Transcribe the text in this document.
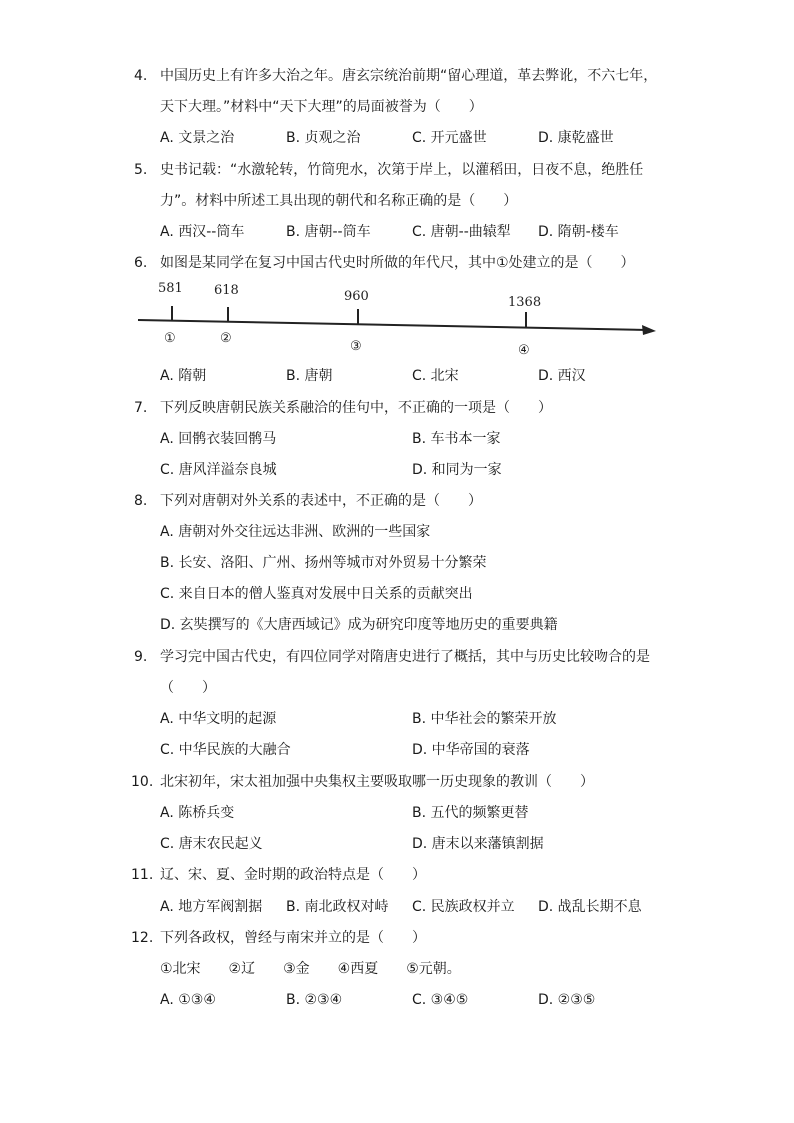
4. 中国历史上有许多大治之年。唐玄宗统治前期“留心理道，革去弊讹，不六七年，
天下大理。”材料中“天下大理”的局面被誉为（　　）
A. 文景之治	B. 贞观之治	C. 开元盛世	D. 康乾盛世
5. 史书记载：“水激轮转，竹筒兜水，次第于岸上，以灌稻田，日夜不息，绝胜任
力”。材料中所述工具出现的朝代和名称正确的是（　　）
A. 西汉--筒车	B. 唐朝--筒车	C. 唐朝--曲辕犁 D. 隋朝-楼车
6. 如图是某同学在复习中国古代史时所做的年代尺，其中①处建立的是（　　）
581
①
618
②
960
③
1368
④
A. 隋朝	B. 唐朝	C. 北宋	D. 西汉
7. 下列反映唐朝民族关系融洽的佳句中，不正确的一项是（　　）
A. 回鹘衣装回鹘马	B. 车书本一家
C. 唐风洋溢奈良城	D. 和同为一家
8. 下列对唐朝对外关系的表述中，不正确的是（　　）
A. 唐朝对外交往远达非洲、欧洲的一些国家
B. 长安、洛阳、广州、扬州等城市对外贸易十分繁荣
C. 来自日本的僧人鉴真对发展中日关系的贡献突出
D. 玄奘撰写的《大唐西域记》成为研究印度等地历史的重要典籍
9. 学习完中国古代史，有四位同学对隋唐史进行了概括，其中与历史比较吻合的是
（　　）
A. 中华文明的起源	B. 中华社会的繁荣开放
C. 中华民族的大融合	D. 中华帝国的衰落
10. 北宋初年，宋太祖加强中央集权主要吸取哪一历史现象的教训（　　）
A. 陈桥兵变	B. 五代的频繁更替
C. 唐末农民起义	D. 唐末以来藩镇割据
11. 辽、宋、夏、金时期的政治特点是（　　）
A. 地方军阀割据 B. 南北政权对峙 C. 民族政权并立 D. 战乱长期不息
12. 下列各政权，曾经与南宋并立的是（　　）
①北宋　　②辽　　③金　　④西夏　　⑤元朝。
A. ①③④	B. ②③④	C. ③④⑤	D. ②③⑤
